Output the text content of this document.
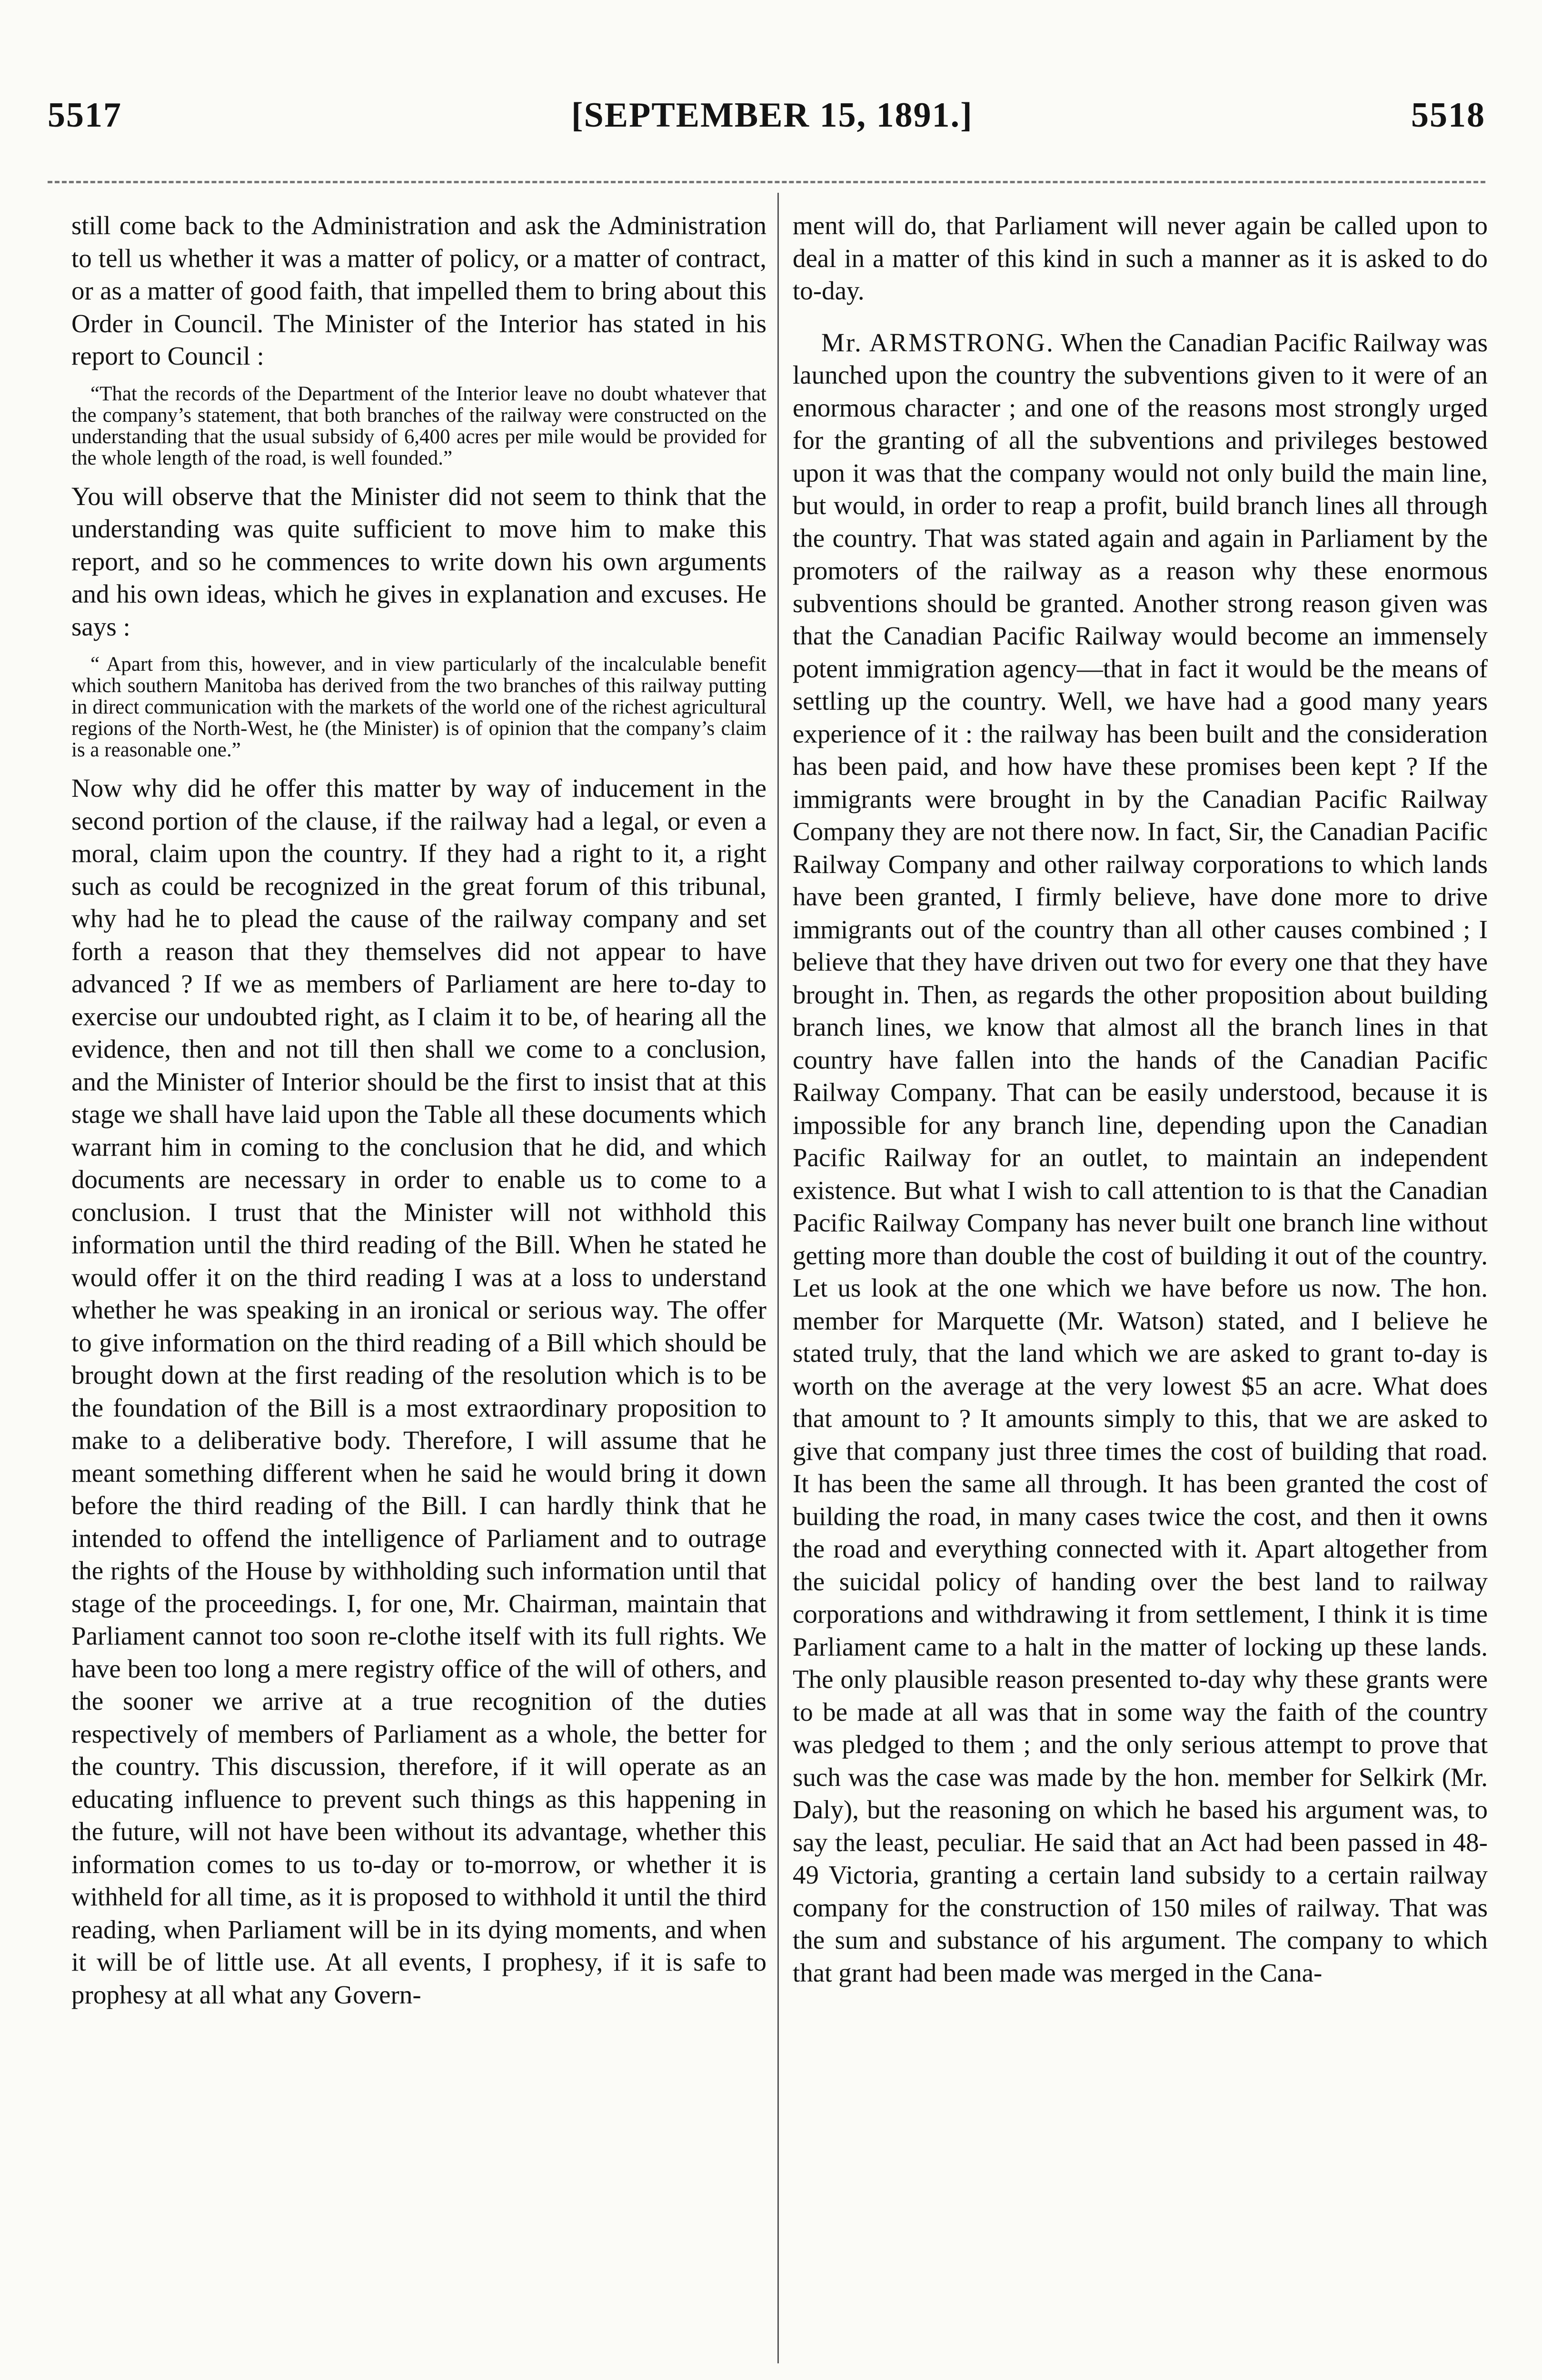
5517	[SEPTEMBER 15, 1891.]	5518

still come back to the Administration and ask the Administration to tell us whether it was a matter of policy, or a matter of contract, or as a matter of good faith, that impelled them to bring about this Order in Council. The Minister of the Interior has stated in his report to Council :

“That the records of the Department of the Interior leave no doubt whatever that the company’s statement, that both branches of the railway were constructed on the understanding that the usual subsidy of 6,400 acres per mile would be provided for the whole length of the road, is well founded.”

You will observe that the Minister did not seem to think that the understanding was quite sufficient to move him to make this report, and so he commences to write down his own arguments and his own ideas, which he gives in explanation and excuses. He says :

“ Apart from this, however, and in view particularly of the incalculable benefit which southern Manitoba has derived from the two branches of this railway putting in direct communication with the markets of the world one of the richest agricultural regions of the North-West, he (the Minister) is of opinion that the company’s claim is a reasonable one.”

Now why did he offer this matter by way of inducement in the second portion of the clause, if the railway had a legal, or even a moral, claim upon the country. If they had a right to it, a right such as could be recognized in the great forum of this tribunal, why had he to plead the cause of the railway company and set forth a reason that they themselves did not appear to have advanced ? If we as members of Parliament are here to-day to exercise our undoubted right, as I claim it to be, of hearing all the evidence, then and not till then shall we come to a conclusion, and the Minister of Interior should be the first to insist that at this stage we shall have laid upon the Table all these documents which warrant him in coming to the conclusion that he did, and which documents are necessary in order to enable us to come to a conclusion. I trust that the Minister will not withhold this information until the third reading of the Bill. When he stated he would offer it on the third reading I was at a loss to understand whether he was speaking in an ironical or serious way. The offer to give information on the third reading of a Bill which should be brought down at the first reading of the resolution which is to be the foundation of the Bill is a most extraordinary proposition to make to a deliberative body. Therefore, I will assume that he meant something different when he said he would bring it down before the third reading of the Bill. I can hardly think that he intended to offend the intelligence of Parliament and to outrage the rights of the House by withholding such information until that stage of the proceedings. I, for one, Mr. Chairman, maintain that Parliament cannot too soon re-clothe itself with its full rights. We have been too long a mere registry office of the will of others, and the sooner we arrive at a true recognition of the duties respectively of members of Parliament as a whole, the better for the country. This discussion, therefore, if it will operate as an educating influence to prevent such things as this happening in the future, will not have been without its advantage, whether this information comes to us to-day or to-morrow, or whether it is withheld for all time, as it is proposed to withhold it until the third reading, when Parliament will be in its dying moments, and when it will be of little use. At all events, I prophesy, if it is safe to prophesy at all what any Govern-

ment will do, that Parliament will never again be called upon to deal in a matter of this kind in such a manner as it is asked to do to-day.

Mr. ARMSTRONG. When the Canadian Pacific Railway was launched upon the country the subventions given to it were of an enormous character ; and one of the reasons most strongly urged for the granting of all the subventions and privileges bestowed upon it was that the company would not only build the main line, but would, in order to reap a profit, build branch lines all through the country. That was stated again and again in Parliament by the promoters of the railway as a reason why these enormous subventions should be granted. Another strong reason given was that the Canadian Pacific Railway would become an immensely potent immigration agency—that in fact it would be the means of settling up the country. Well, we have had a good many years experience of it : the railway has been built and the consideration has been paid, and how have these promises been kept ? If the immigrants were brought in by the Canadian Pacific Railway Company they are not there now. In fact, Sir, the Canadian Pacific Railway Company and other railway corporations to which lands have been granted, I firmly believe, have done more to drive immigrants out of the country than all other causes combined ; I believe that they have driven out two for every one that they have brought in. Then, as regards the other proposition about building branch lines, we know that almost all the branch lines in that country have fallen into the hands of the Canadian Pacific Railway Company. That can be easily understood, because it is impossible for any branch line, depending upon the Canadian Pacific Railway for an outlet, to maintain an independent existence. But what I wish to call attention to is that the Canadian Pacific Railway Company has never built one branch line without getting more than double the cost of building it out of the country. Let us look at the one which we have before us now. The hon. member for Marquette (Mr. Watson) stated, and I believe he stated truly, that the land which we are asked to grant to-day is worth on the average at the very lowest $5 an acre. What does that amount to ? It amounts simply to this, that we are asked to give that company just three times the cost of building that road. It has been the same all through. It has been granted the cost of building the road, in many cases twice the cost, and then it owns the road and everything connected with it. Apart altogether from the suicidal policy of handing over the best land to railway corporations and withdrawing it from settlement, I think it is time Parliament came to a halt in the matter of locking up these lands. The only plausible reason presented to-day why these grants were to be made at all was that in some way the faith of the country was pledged to them ; and the only serious attempt to prove that such was the case was made by the hon. member for Selkirk (Mr. Daly), but the reasoning on which he based his argument was, to say the least, peculiar. He said that an Act had been passed in 48-49 Victoria, granting a certain land subsidy to a certain railway company for the construction of 150 miles of railway. That was the sum and substance of his argument. The company to which that grant had been made was merged in the Cana-
